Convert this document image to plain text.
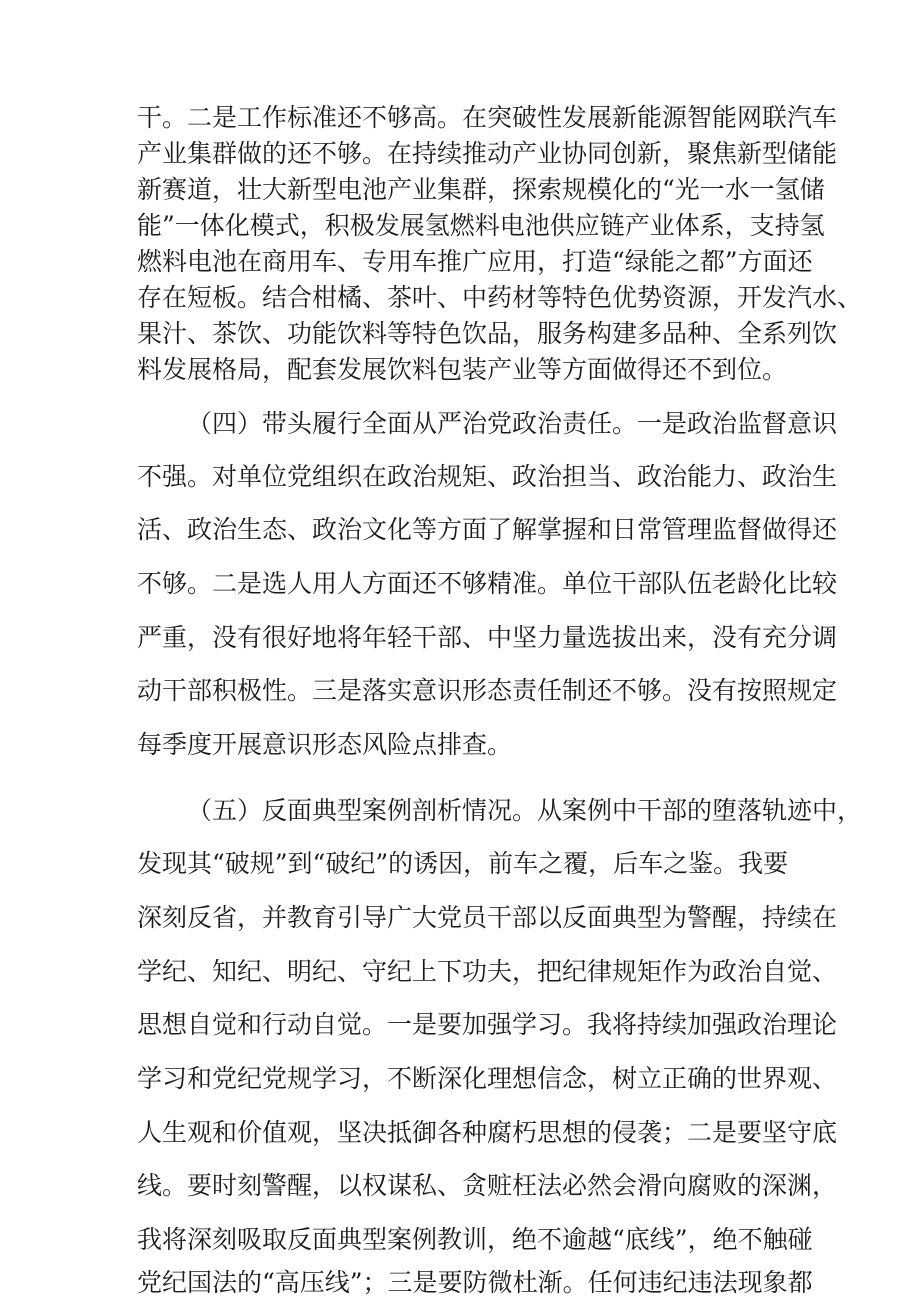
干。二是工作标准还不够高。在突破性发展新能源智能网联汽车
产业集群做的还不够。在持续推动产业协同创新，聚焦新型储能
新赛道，壮大新型电池产业集群，探索规模化的“光一水一氢储
能”一体化模式，积极发展氢燃料电池供应链产业体系，支持氢
燃料电池在商用车、专用车推广应用，打造“绿能之都”方面还
存在短板。结合柑橘、茶叶、中药材等特色优势资源，开发汽水、
果汁、茶饮、功能饮料等特色饮品，服务构建多品种、全系列饮
料发展格局，配套发展饮料包装产业等方面做得还不到位。
（四）带头履行全面从严治党政治责任。一是政治监督意识
不强。对单位党组织在政治规矩、政治担当、政治能力、政治生
活、政治生态、政治文化等方面了解掌握和日常管理监督做得还
不够。二是选人用人方面还不够精准。单位干部队伍老龄化比较
严重，没有很好地将年轻干部、中坚力量选拔出来，没有充分调
动干部积极性。三是落实意识形态责任制还不够。没有按照规定
每季度开展意识形态风险点排查。
（五）反面典型案例剖析情况。从案例中干部的堕落轨迹中，
发现其“破规”到“破纪”的诱因，前车之覆，后车之鉴。我要
深刻反省，并教育引导广大党员干部以反面典型为警醒，持续在
学纪、知纪、明纪、守纪上下功夫，把纪律规矩作为政治自觉、
思想自觉和行动自觉。一是要加强学习。我将持续加强政治理论
学习和党纪党规学习，不断深化理想信念，树立正确的世界观、
人生观和价值观，坚决抵御各种腐朽思想的侵袭；二是要坚守底
线。要时刻警醒，以权谋私、贪赃枉法必然会滑向腐败的深渊，
我将深刻吸取反面典型案例教训，绝不逾越“底线”，绝不触碰
党纪国法的“高压线”；三是要防微杜渐。任何违纪违法现象都
